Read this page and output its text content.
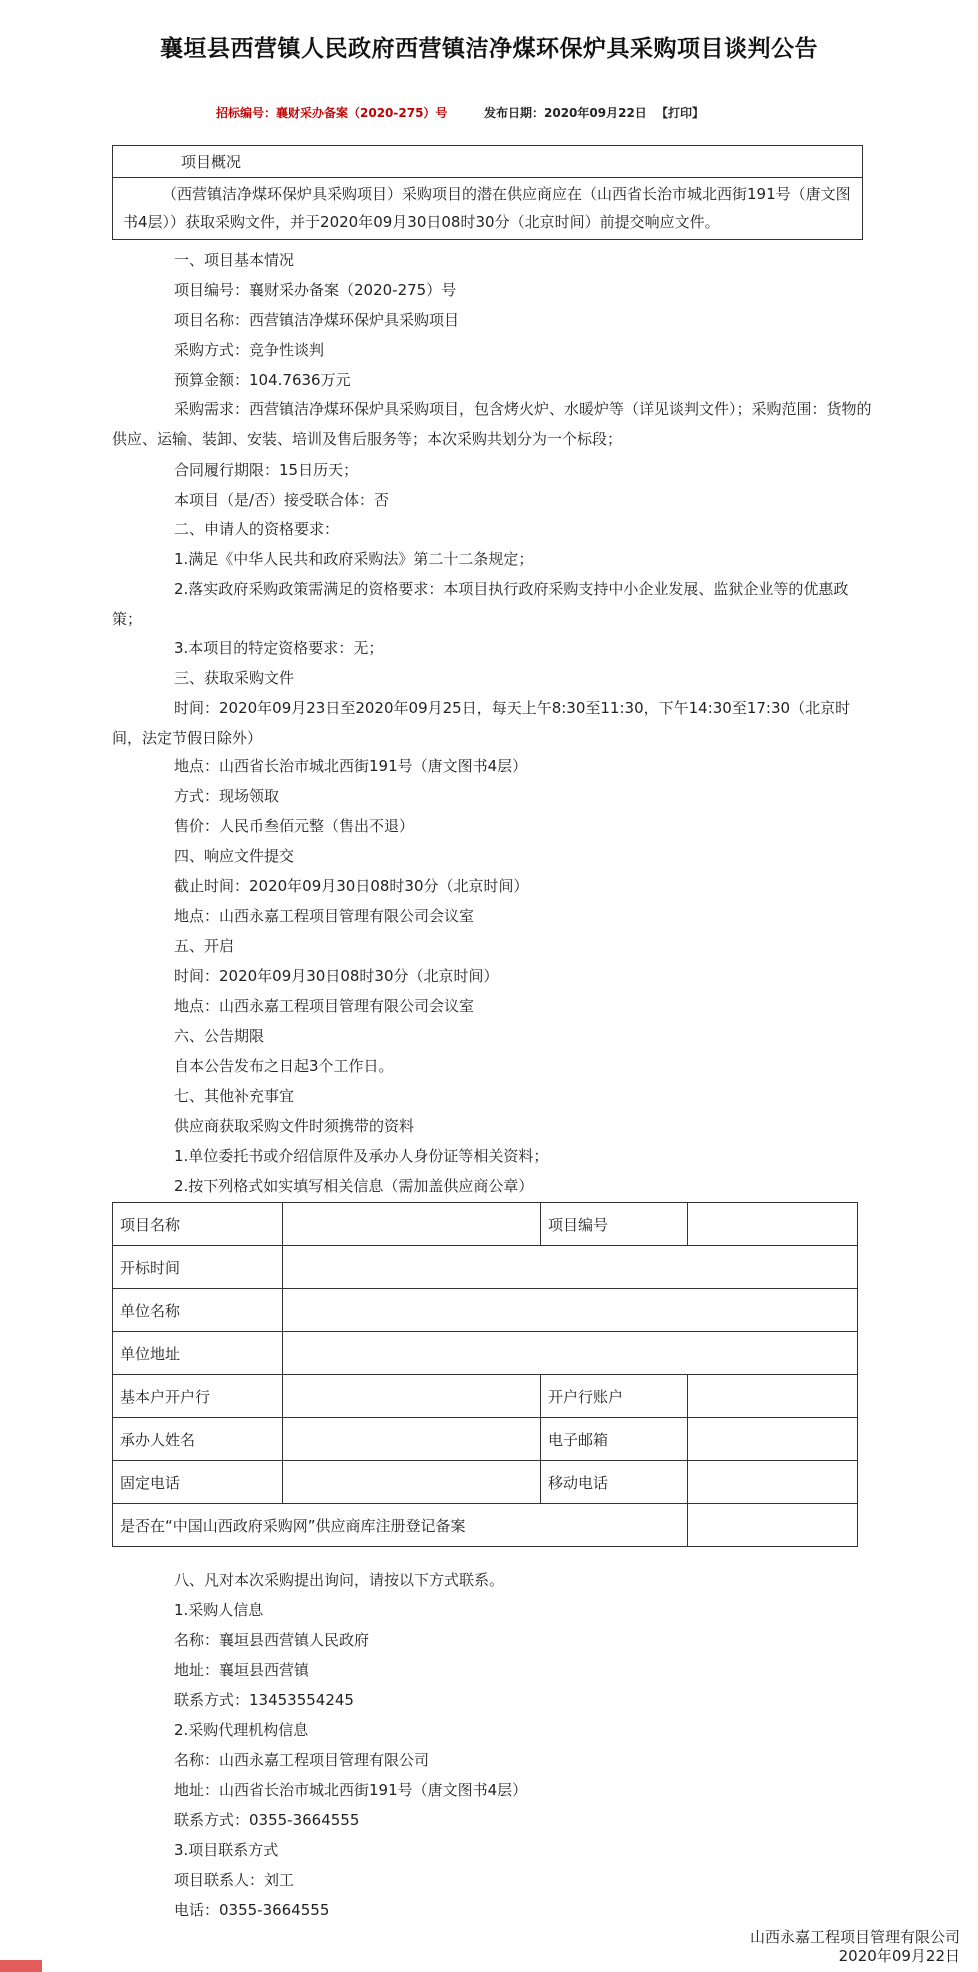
襄垣县西营镇人民政府西营镇洁净煤环保炉具采购项目谈判公告
招标编号：襄财采办备案（2020-275）号	发布日期：2020年09月22日 【打印】
项目概况
（西营镇洁净煤环保炉具采购项目）采购项目的潜在供应商应在（山西省长治市城北西街191号（唐文图书4层））获取采购文件，并于2020年09月30日08时30分（北京时间）前提交响应文件。
一、项目基本情况
项目编号：襄财采办备案（2020-275）号
项目名称：西营镇洁净煤环保炉具采购项目
采购方式：竞争性谈判
预算金额：104.7636万元
采购需求：西营镇洁净煤环保炉具采购项目，包含烤火炉、水暖炉等（详见谈判文件）；采购范围：货物的供应、运输、装卸、安装、培训及售后服务等；本次采购共划分为一个标段；
合同履行期限：15日历天；
本项目（是/否）接受联合体：否
二、申请人的资格要求：
1.满足《中华人民共和政府采购法》第二十二条规定；
2.落实政府采购政策需满足的资格要求：本项目执行政府采购支持中小企业发展、监狱企业等的优惠政策；
3.本项目的特定资格要求：无；
三、获取采购文件
时间：2020年09月23日至2020年09月25日，每天上午8:30至11:30，下午14:30至17:30（北京时间，法定节假日除外）
地点：山西省长治市城北西街191号（唐文图书4层）
方式：现场领取
售价：人民币叁佰元整（售出不退）
四、响应文件提交
截止时间：2020年09月30日08时30分（北京时间）
地点：山西永嘉工程项目管理有限公司会议室
五、开启
时间：2020年09月30日08时30分（北京时间）
地点：山西永嘉工程项目管理有限公司会议室
六、公告期限
自本公告发布之日起3个工作日。
七、其他补充事宜
供应商获取采购文件时须携带的资料
1.单位委托书或介绍信原件及承办人身份证等相关资料；
2.按下列格式如实填写相关信息（需加盖供应商公章）
项目名称		项目编号	
开标时间			
单位名称			
单位地址			
基本户开户行		开户行账户	
承办人姓名		电子邮箱	
固定电话		移动电话	
是否在“中国山西政府采购网”供应商库注册登记备案			
八、凡对本次采购提出询问，请按以下方式联系。
1.采购人信息
名称：襄垣县西营镇人民政府
地址：襄垣县西营镇
联系方式：13453554245
2.采购代理机构信息
名称：山西永嘉工程项目管理有限公司
地址：山西省长治市城北西街191号（唐文图书4层）
联系方式：0355-3664555
3.项目联系方式
项目联系人：刘工
电话：0355-3664555
山西永嘉工程项目管理有限公司
2020年09月22日
